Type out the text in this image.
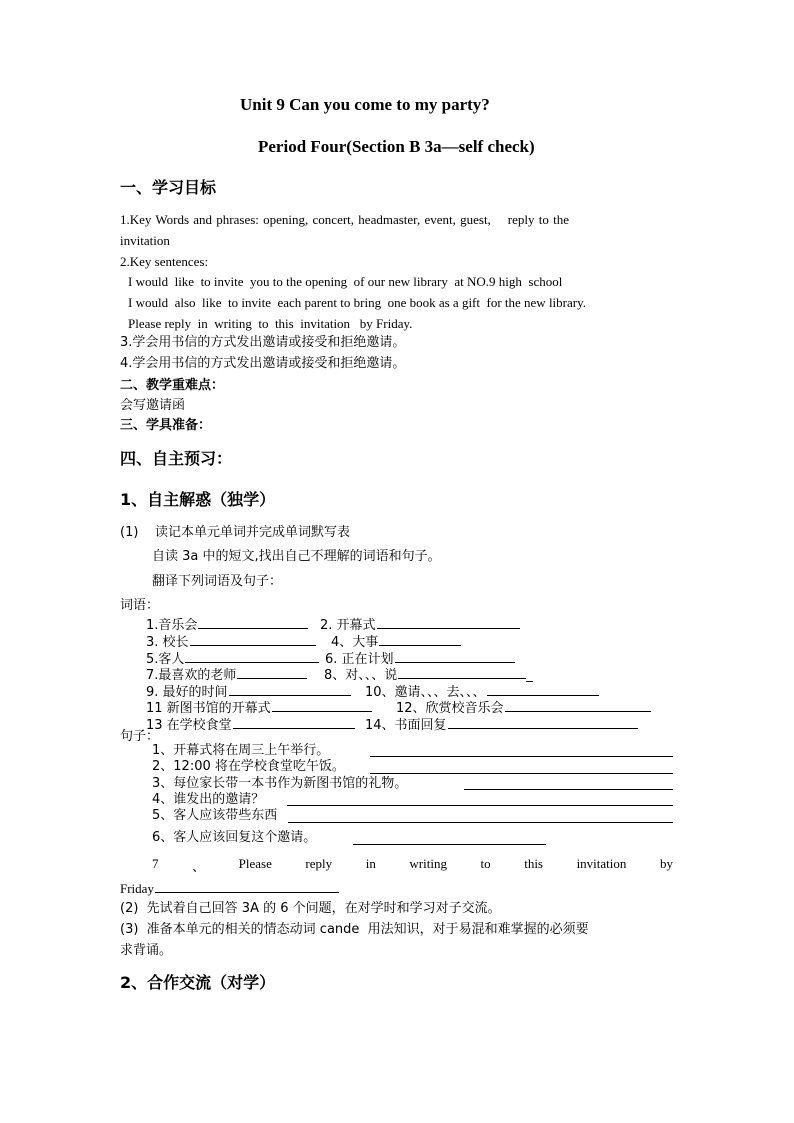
Unit 9 Can you come to my party?
Period Four(Section B 3a—self check)
一、学习目标
1.Key Words and phrases: opening, concert, headmaster, event, guest,    reply to the
invitation
2.Key sentences:
I would  like  to invite  you to the opening  of our new library  at NO.9 high  school
I would  also  like  to invite  each parent to bring  one book as a gift  for the new library.
Please reply  in  writing  to  this  invitation   by Friday.
3.学会用书信的方式发出邀请或接受和拒绝邀请。
4.学会用书信的方式发出邀请或接受和拒绝邀请。
二、教学重难点：
会写邀请函
三、学具准备：
四、自主预习：
1、自主解惑（独学）
(1)    读记本单元单词并完成单词默写表
自读 3a 中的短文,找出自己不理解的词语和句子。
翻译下列词语及句子：
词语：
1.音乐会	2. 开幕式
3. 校长	4、大事
5.客人	6. 正在计划
7.最喜欢的老师	8、对、、、说	_
9. 最好的时间	10、邀请、、、去、、、
11 新图书馆的开幕式	12、欣赏校音乐会
13 在学校食堂	14、书面回复
句子：
1、开幕式将在周三上午举行。
2、12:00 将在学校食堂吃午饭。
3、每位家长带一本书作为新图书馆的礼物。
4、谁发出的邀请？
5、客人应该带些东西
6、客人应该回复这个邀请。
7	、	Please	reply	in	writing	to	this	invitation	by
Friday
(2)  先试着自己回答 3A 的 6 个问题，在对学时和学习对子交流。
(3)  准备本单元的相关的情态动词 cande  用法知识，对于易混和难掌握的必须要
求背诵。
2、合作交流（对学）
